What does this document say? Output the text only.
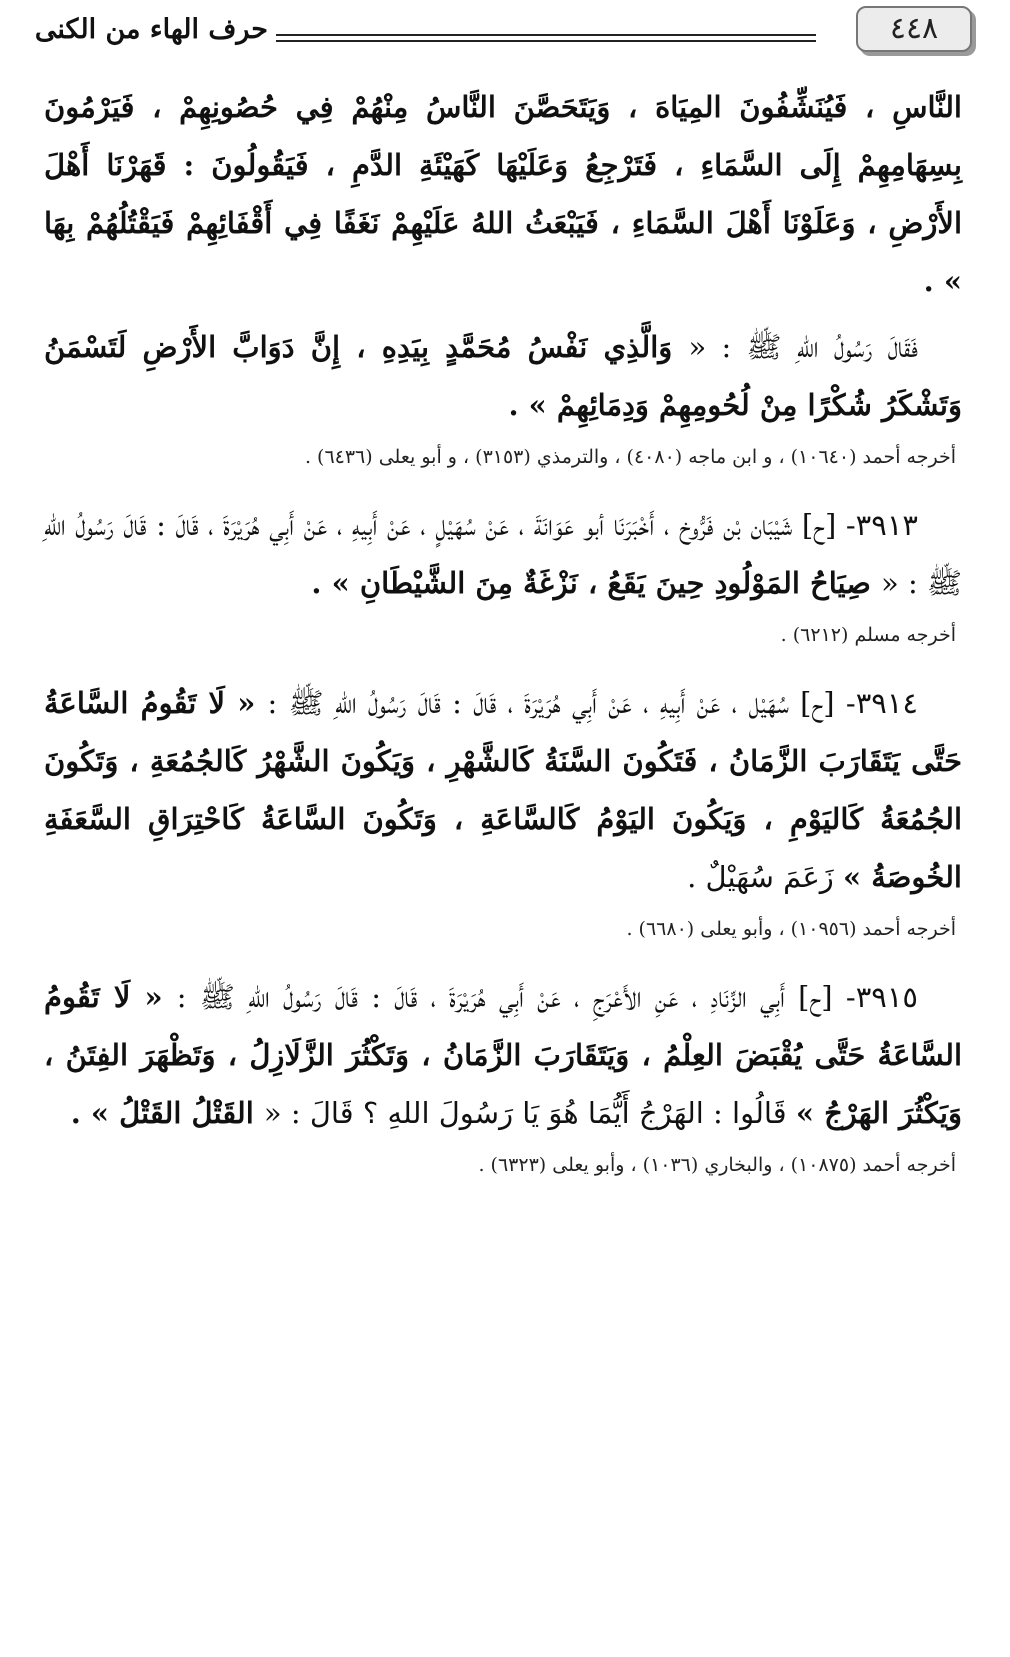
٤٤٨
حرف الهاء من الكنى

النَّاسِ ، فَيُنَشِّفُونَ المِيَاهَ ، وَيَتَحَصَّنَ النَّاسُ مِنْهُمْ فِي حُصُونِهِمْ ، فَيَرْمُونَ بِسِهَامِهِمْ إِلَى السَّمَاءِ ، فَتَرْجِعُ وَعَلَيْهَا كَهَيْئَةِ الدَّمِ ، فَيَقُولُونَ : قَهَرْنَا أَهْلَ الأَرْضِ ، وَعَلَوْنَا أَهْلَ السَّمَاءِ ، فَيَبْعَثُ اللهُ عَلَيْهِمْ نَغَفًا فِي أَقْفَائِهِمْ فَيَقْتُلُهُمْ بِهَا » .

فَقَالَ رَسُولُ اللهِ ﷺ : « وَالَّذِي نَفْسُ مُحَمَّدٍ بِيَدِهِ ، إِنَّ دَوَابَّ الأَرْضِ لَتَسْمَنُ وَتَشْكَرُ شُكْرًا مِنْ لُحُومِهِمْ وَدِمَائِهِمْ » .

أخرجه أحمد (١٠٦٤٠) ، و ابن ماجه (٤٠٨٠) ، والترمذي (٣١٥٣) ، و أبو يعلى (٦٤٣٦) .

٣٩١٣- [ح] شَيْبَان بْن فَرُّوخ ، أَخْبَرَنَا أبو عَوَانَةَ ، عَنْ سُهَيْلٍ ، عَنْ أَبِيهِ ، عَنْ أَبِي هُرَيْرَةَ ، قَالَ : قَالَ رَسُولُ اللهِ ﷺ : « صِيَاحُ المَوْلُودِ حِينَ يَقَعُ ، نَزْغَةٌ مِنَ الشَّيْطَانِ » .

أخرجه مسلم (٦٢١٢) .

٣٩١٤- [ح] سُهَيْل ، عَنْ أَبِيهِ ، عَنْ أَبِي هُرَيْرَةَ ، قَالَ : قَالَ رَسُولُ اللهِ ﷺ : « لَا تَقُومُ السَّاعَةُ حَتَّى يَتَقَارَبَ الزَّمَانُ ، فَتَكُونَ السَّنَةُ كَالشَّهْرِ ، وَيَكُونَ الشَّهْرُ كَالجُمُعَةِ ، وَتَكُونَ الجُمُعَةُ كَاليَوْمِ ، وَيَكُونَ اليَوْمُ كَالسَّاعَةِ ، وَتَكُونَ السَّاعَةُ كَاحْتِرَاقِ السَّعَفَةِ الخُوصَةُ » زَعَمَ سُهَيْلٌ .

أخرجه أحمد (١٠٩٥٦) ، وأبو يعلى (٦٦٨٠) .

٣٩١٥- [ح] أَبِي الزِّنَادِ ، عَنِ الأَعْرَجِ ، عَنْ أَبِي هُرَيْرَةَ ، قَالَ : قَالَ رَسُولُ اللهِ ﷺ : « لَا تَقُومُ السَّاعَةُ حَتَّى يُقْبَضَ العِلْمُ ، وَيَتَقَارَبَ الزَّمَانُ ، وَتَكْثُرَ الزَّلَازِلُ ، وَتَظْهَرَ الفِتَنُ ، وَيَكْثُرَ الهَرْجُ » قَالُوا : الهَرْجُ أَيُّمَا هُوَ يَا رَسُولَ اللهِ ؟ قَالَ : « القَتْلُ القَتْلُ » .

أخرجه أحمد (١٠٨٧٥) ، والبخاري (١٠٣٦) ، وأبو يعلى (٦٣٢٣) .
